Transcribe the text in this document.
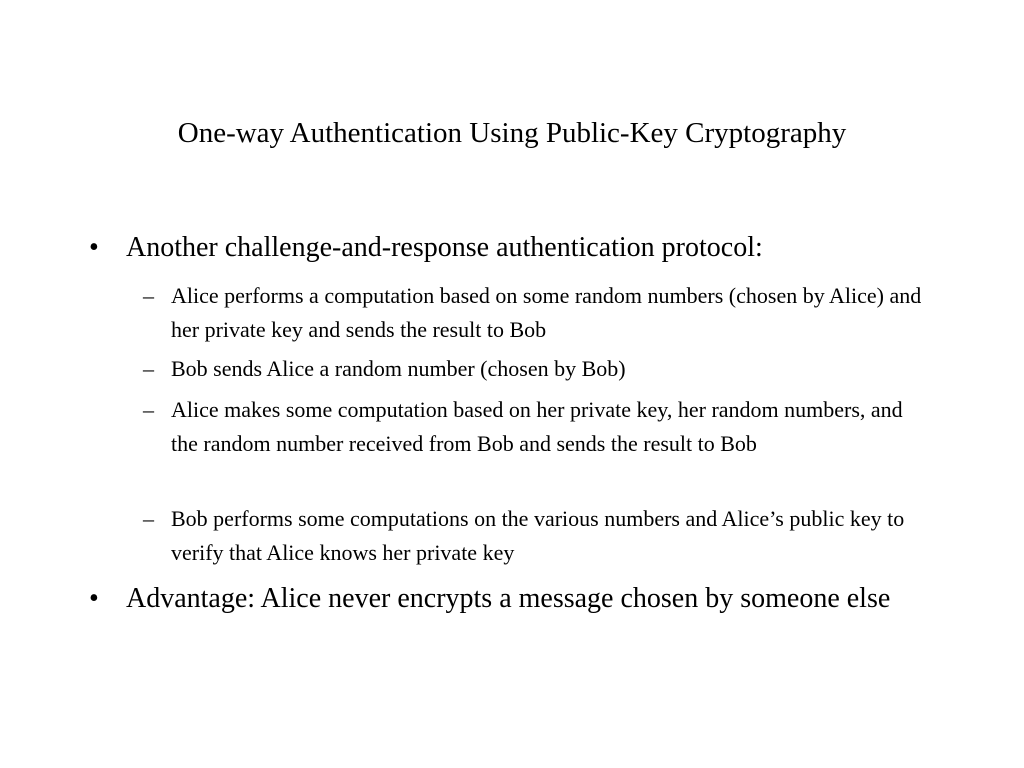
One-way Authentication Using Public-Key Cryptography
• Another challenge-and-response authentication protocol:
– Alice performs a computation based on some random numbers (chosen by Alice) and her private key and sends the result to Bob
– Bob sends Alice a random number (chosen by Bob)
– Alice makes some computation based on her private key, her random numbers, and the random number received from Bob and sends the result to Bob
– Bob performs some computations on the various numbers and Alice’s public key to verify that Alice knows her private key
• Advantage: Alice never encrypts a message chosen by someone else
